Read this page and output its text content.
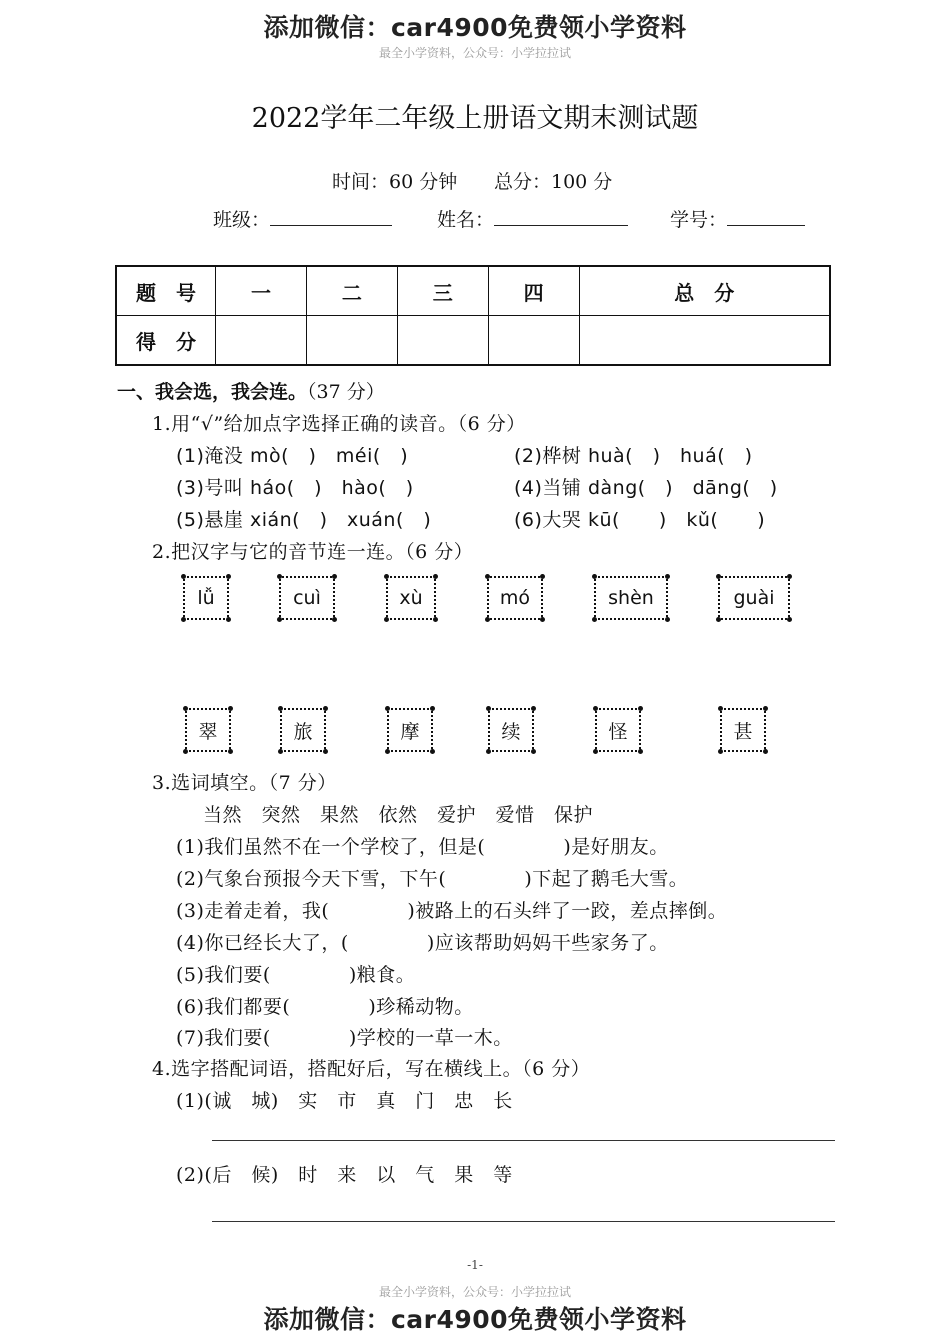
添加微信：car4900免费领小学资料
最全小学资料，公众号：小学拉拉试
2022学年二年级上册语文期末测试题
时间：60 分钟 总分：100 分
班级：	姓名：	学号：
题　号	一	二	三	四	总　分
得　分					
一、我会选，我会连。（37 分）
1.用“√”给加点字选择正确的读音。（6 分）
(1)淹没 mò(　)　méi(　)	(2)桦树 huà(　)　huá(　)
(3)号叫 háo(　)　hào(　)	(4)当铺 dàng(　)　dāng(　)
(5)悬崖 xián(　)　xuán(　)	(6)大哭 kū(　　)　kǔ(　　)
2.把汉字与它的音节连一连。（6 分）
lǚ	cuì	xù	mó	shèn	guài
翠	旅	摩	续	怪	甚
3.选词填空。（7 分）
当然　突然　果然　依然　爱护　爱惜　保护
(1)我们虽然不在一个学校了，但是(　　　　)是好朋友。
(2)气象台预报今天下雪，下午(　　　　)下起了鹅毛大雪。
(3)走着走着，我(　　　　)被路上的石头绊了一跤，差点摔倒。
(4)你已经长大了，(　　　　)应该帮助妈妈干些家务了。
(5)我们要(　　　　)粮食。
(6)我们都要(　　　　)珍稀动物。
(7)我们要(　　　　)学校的一草一木。
4.选字搭配词语，搭配好后，写在横线上。（6 分）
(1)(诚　城)　实　市　真　门　忠　长
(2)(后　候)　时　来　以　气　果　等
-1-
最全小学资料，公众号：小学拉拉试
添加微信：car4900免费领小学资料
